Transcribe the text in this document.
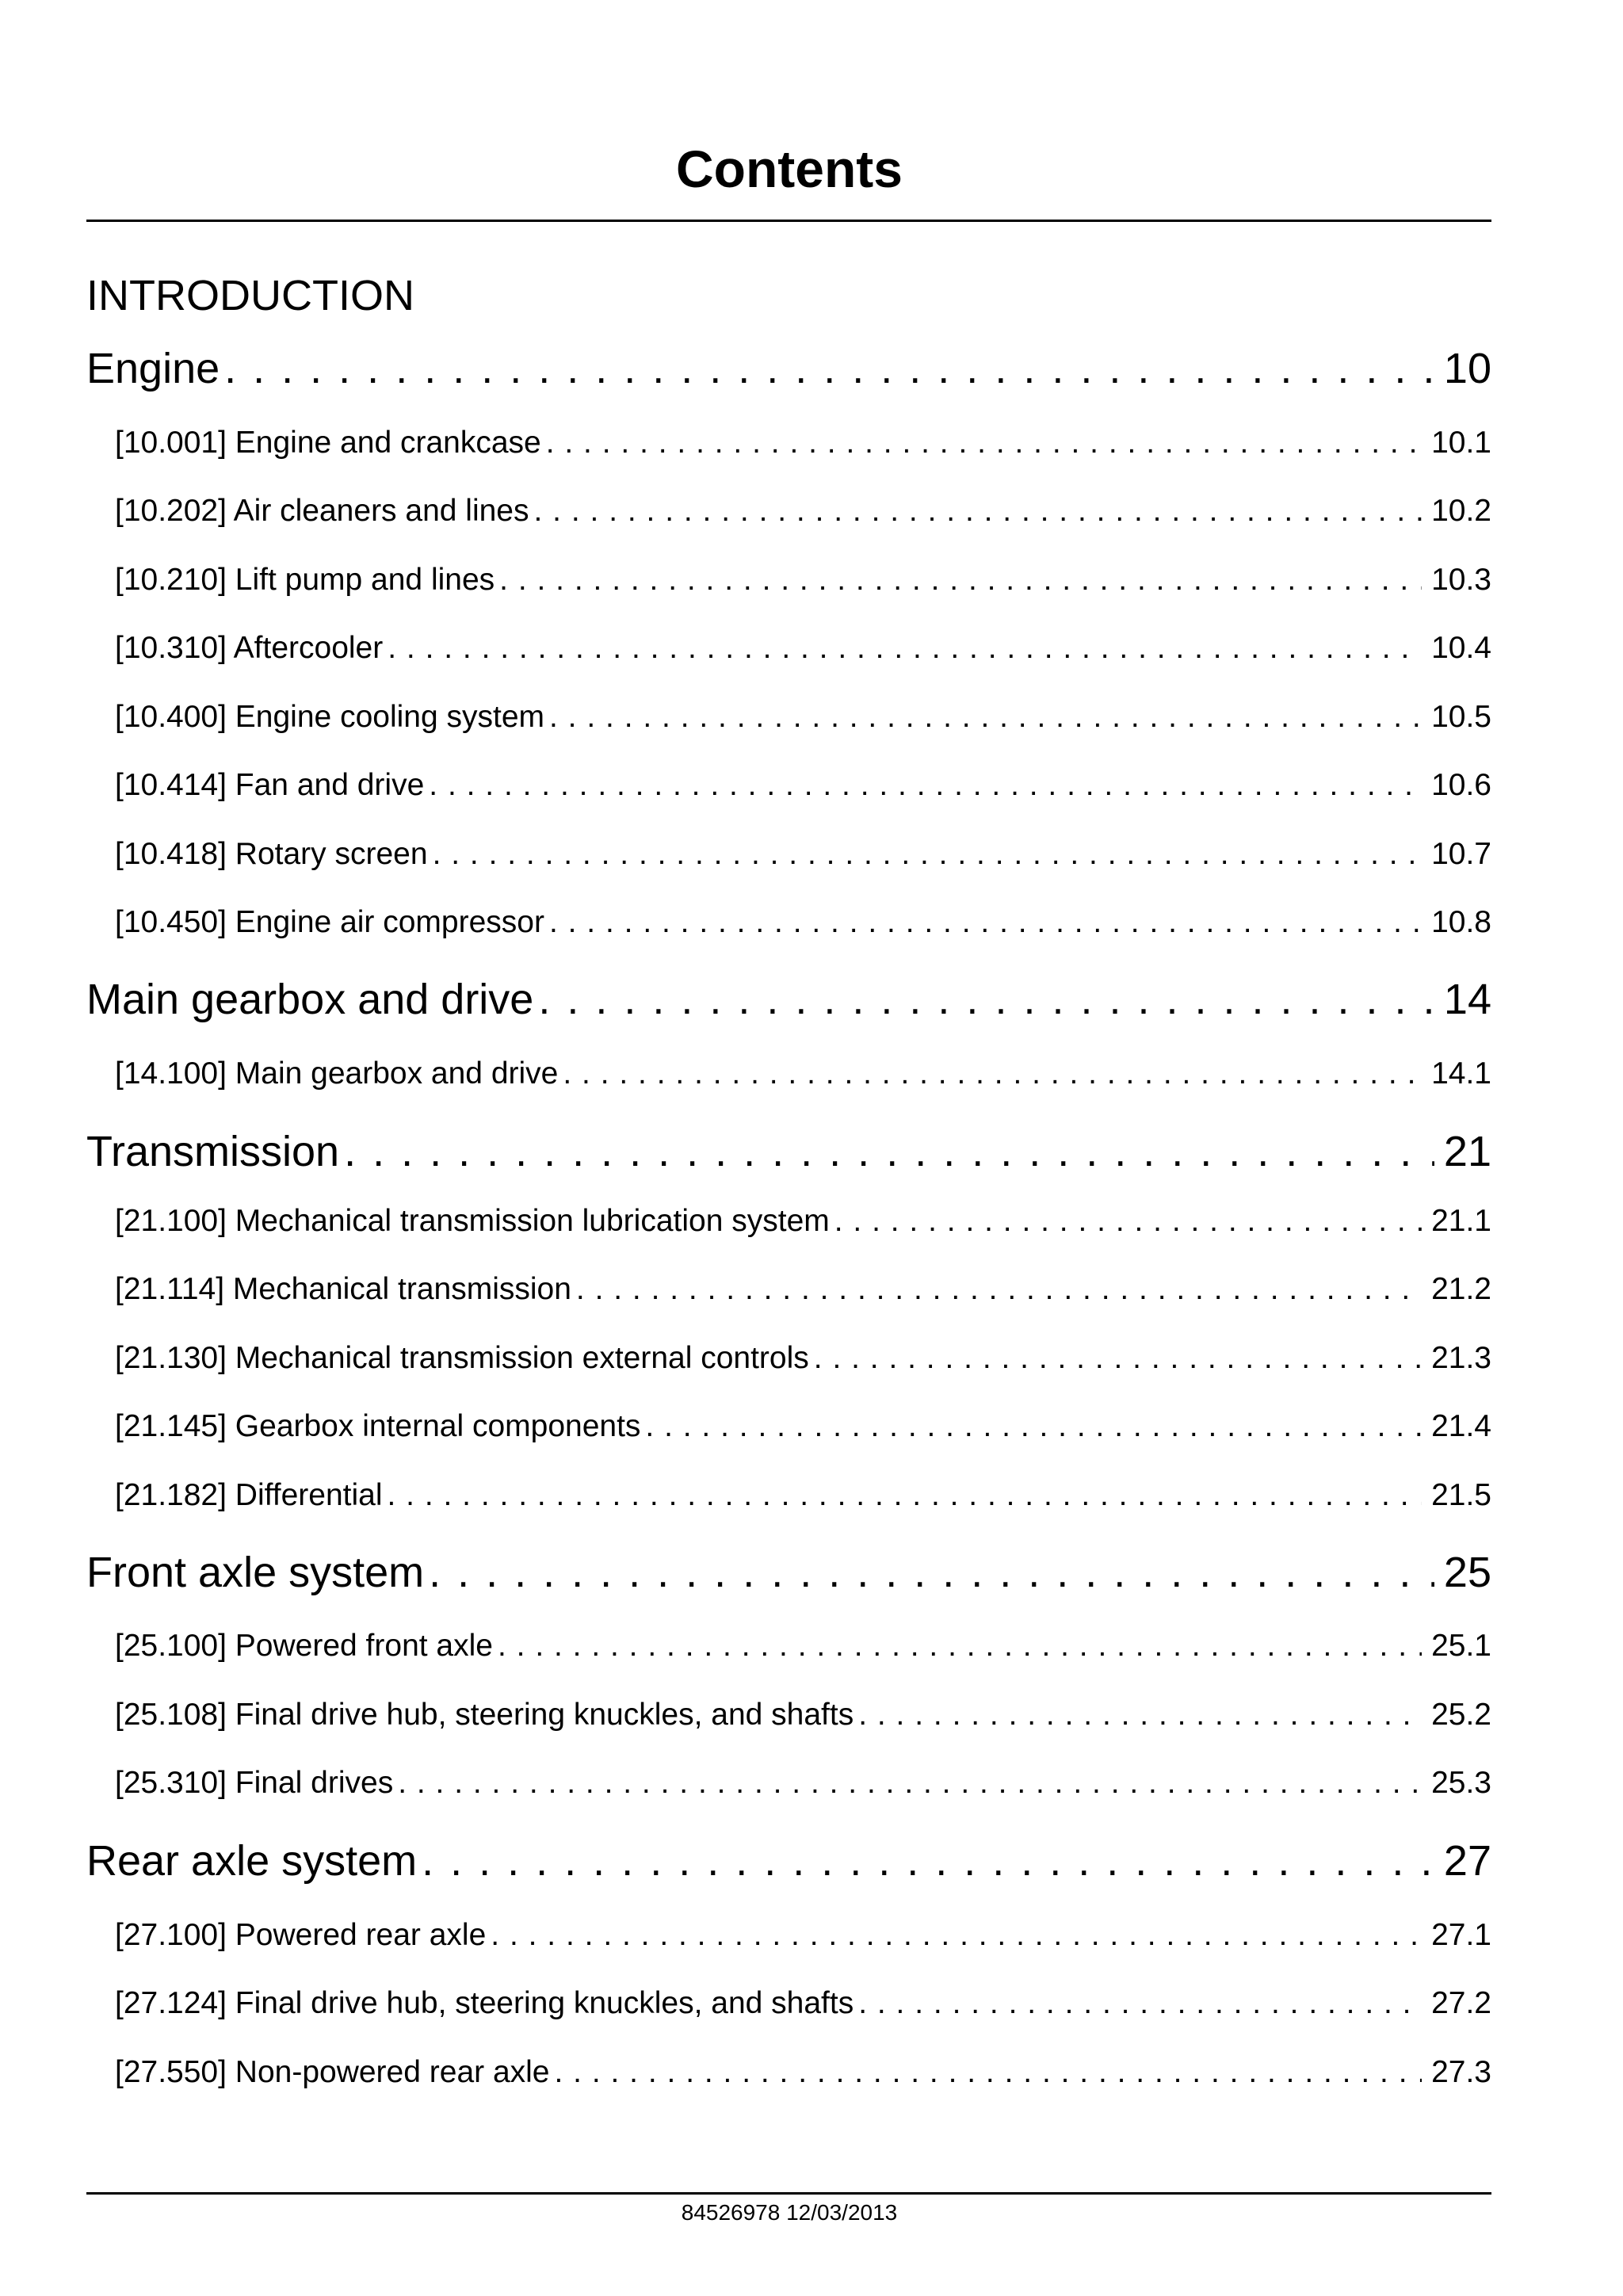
Contents
INTRODUCTION
Engine . . .	10
[10.001] Engine and crankcase . . .	10.1
[10.202] Air cleaners and lines . . .	10.2
[10.210] Lift pump and lines . . .	10.3
[10.310] Aftercooler . . .	10.4
[10.400] Engine cooling system . . .	10.5
[10.414] Fan and drive . . .	10.6
[10.418] Rotary screen . . .	10.7
[10.450] Engine air compressor . . .	10.8
Main gearbox and drive . . .	14
[14.100] Main gearbox and drive . . .	14.1
Transmission . . .	21
[21.100] Mechanical transmission lubrication system . . .	21.1
[21.114] Mechanical transmission . . .	21.2
[21.130] Mechanical transmission external controls . . .	21.3
[21.145] Gearbox internal components . . .	21.4
[21.182] Differential . . .	21.5
Front axle system . . .	25
[25.100] Powered front axle . . .	25.1
[25.108] Final drive hub, steering knuckles, and shafts . . .	25.2
[25.310] Final drives . . .	25.3
Rear axle system . . .	27
[27.100] Powered rear axle . . .	27.1
[27.124] Final drive hub, steering knuckles, and shafts . . .	27.2
[27.550] Non-powered rear axle . . .	27.3
84526978 12/03/2013
